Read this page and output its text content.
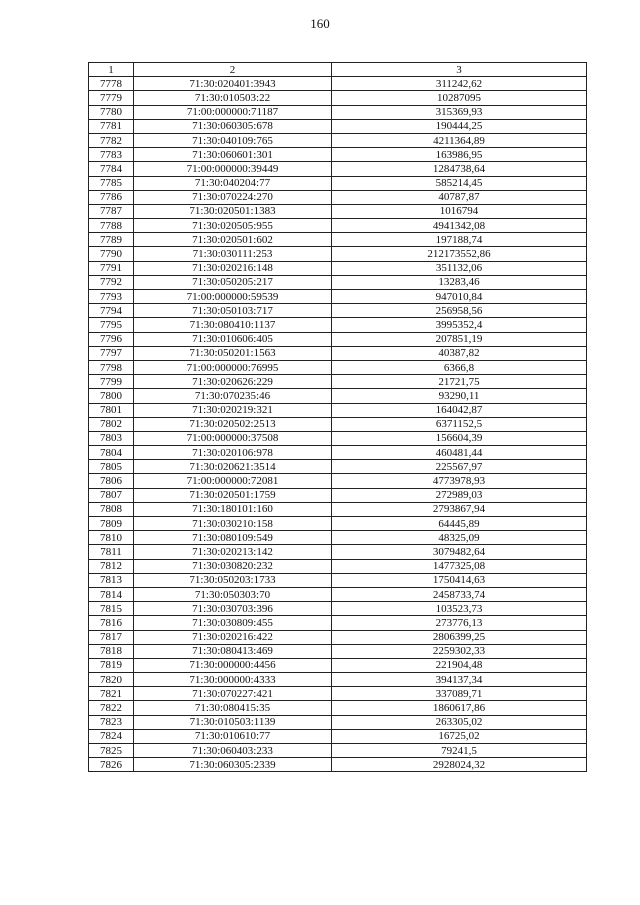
160
1	2	3
7778	71:30:020401:3943	311242,62
7779	71:30:010503:22	10287095
7780	71:00:000000:71187	315369,93
7781	71:30:060305:678	190444,25
7782	71:30:040109:765	4211364,89
7783	71:30:060601:301	163986,95
7784	71:00:000000:39449	1284738,64
7785	71:30:040204:77	585214,45
7786	71:30:070224:270	40787,87
7787	71:30:020501:1383	1016794
7788	71:30:020505:955	4941342,08
7789	71:30:020501:602	197188,74
7790	71:30:030111:253	212173552,86
7791	71:30:020216:148	351132,06
7792	71:30:050205:217	13283,46
7793	71:00:000000:59539	947010,84
7794	71:30:050103:717	256958,56
7795	71:30:080410:1137	3995352,4
7796	71:30:010606:405	207851,19
7797	71:30:050201:1563	40387,82
7798	71:00:000000:76995	6366,8
7799	71:30:020626:229	21721,75
7800	71:30:070235:46	93290,11
7801	71:30:020219:321	164042,87
7802	71:30:020502:2513	6371152,5
7803	71:00:000000:37508	156604,39
7804	71:30:020106:978	460481,44
7805	71:30:020621:3514	225567,97
7806	71:00:000000:72081	4773978,93
7807	71:30:020501:1759	272989,03
7808	71:30:180101:160	2793867,94
7809	71:30:030210:158	64445,89
7810	71:30:080109:549	48325,09
7811	71:30:020213:142	3079482,64
7812	71:30:030820:232	1477325,08
7813	71:30:050203:1733	1750414,63
7814	71:30:050303:70	2458733,74
7815	71:30:030703:396	103523,73
7816	71:30:030809:455	273776,13
7817	71:30:020216:422	2806399,25
7818	71:30:080413:469	2259302,33
7819	71:30:000000:4456	221904,48
7820	71:30:000000:4333	394137,34
7821	71:30:070227:421	337089,71
7822	71:30:080415:35	1860617,86
7823	71:30:010503:1139	263305,02
7824	71:30:010610:77	16725,02
7825	71:30:060403:233	79241,5
7826	71:30:060305:2339	2928024,32
